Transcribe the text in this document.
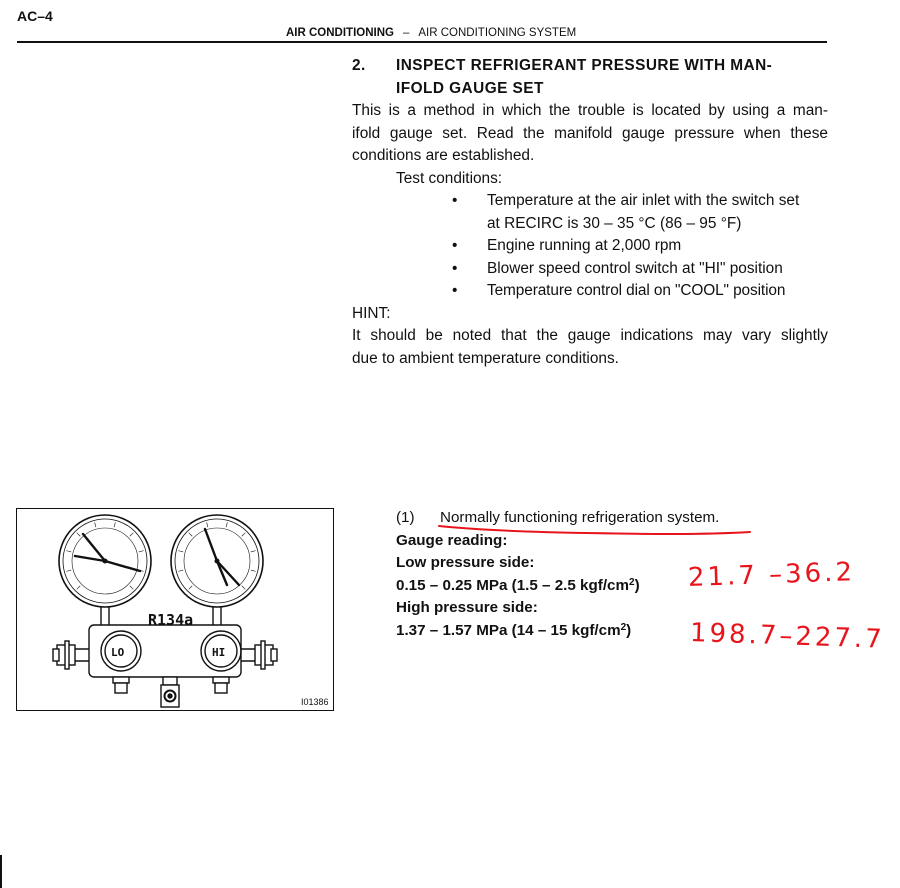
AC–4
AIR CONDITIONING – AIR CONDITIONING SYSTEM
2.	INSPECT REFRIGERANT PRESSURE WITH MAN-
IFOLD GAUGE SET
This is a method in which the trouble is located by using a man-
ifold gauge set. Read the manifold gauge pressure when these
conditions are established.
Test conditions:
• Temperature at the air inlet with the switch set
at RECIRC is 30 – 35 °C (86 – 95 °F)
• Engine running at 2,000 rpm
• Blower speed control switch at "HI" position
• Temperature control dial on "COOL" position
HINT:
It should be noted that the gauge indications may vary slightly
due to ambient temperature conditions.
R134a
LO	HI
I01386
(1)	Normally functioning refrigeration system.
Gauge reading:
Low pressure side:
0.15 – 0.25 MPa (1.5 – 2.5 kgf/$cm^2$)
High pressure side:
1.37 – 1.57 MPa (14 – 15 kgf/$cm^2$)
21.7 –36.2
198.7–227.7
